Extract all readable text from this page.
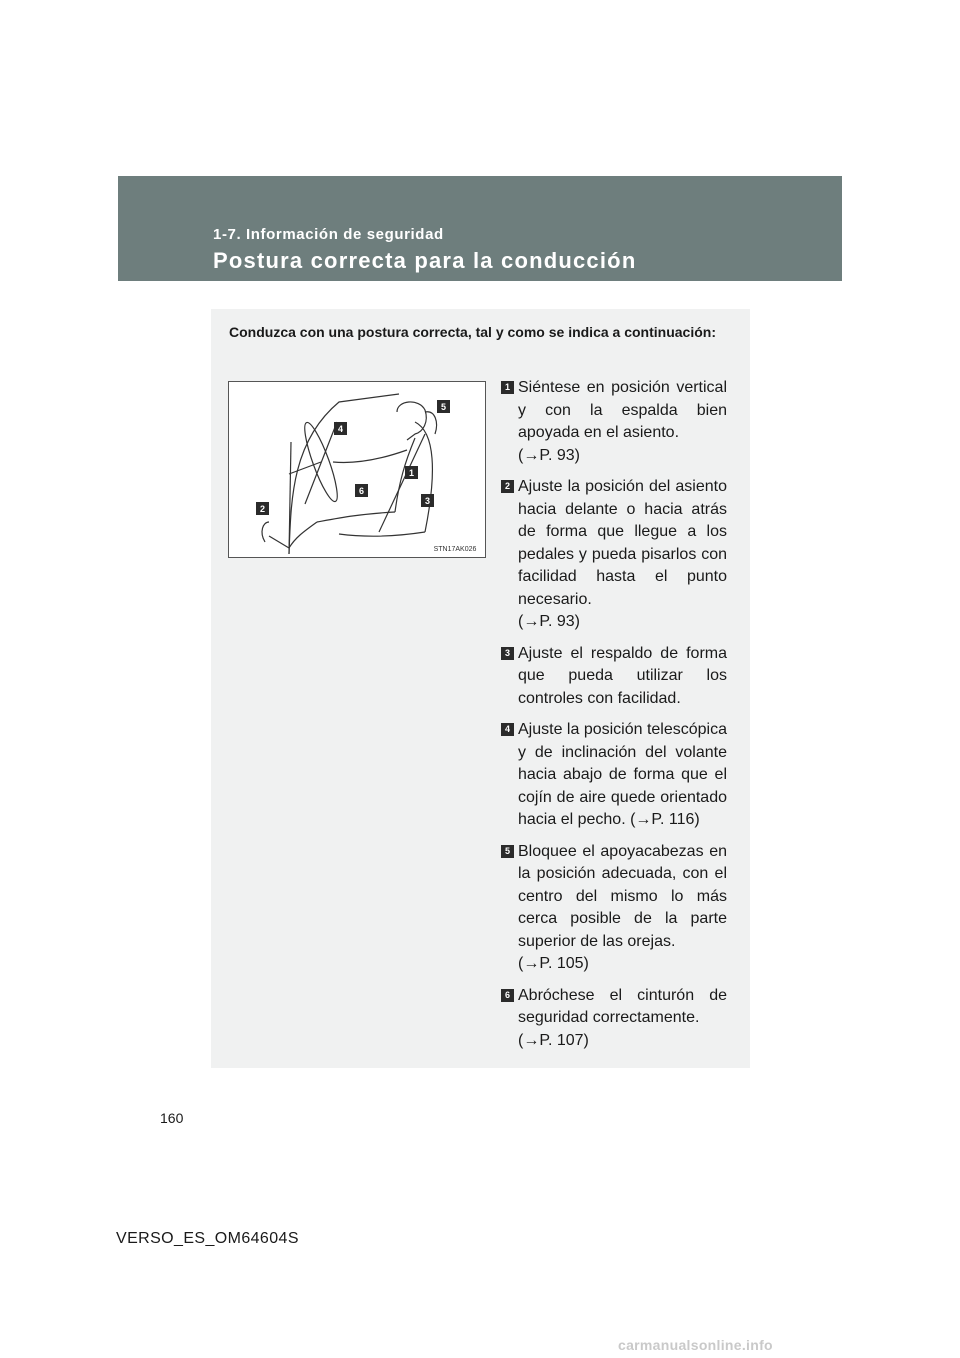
1-7. Información de seguridad
Postura correcta para la conducción
Conduzca con una postura correcta, tal y como se indica a continuación:
1
2
3
4
5
6
STN17AK026
1 Siéntese en posición vertical y con la espalda bien apoyada en el asiento.
(→P. 93)
2 Ajuste la posición del asiento hacia delante o hacia atrás de forma que llegue a los pedales y pueda pisarlos con facilidad hasta el punto necesario.
(→P. 93)
3 Ajuste el respaldo de forma que pueda utilizar los controles con facilidad.
4 Ajuste la posición telescópica y de inclinación del volante hacia abajo de forma que el cojín de aire quede orientado hacia el pecho. (→P. 116)
5 Bloquee el apoyacabezas en la posición adecuada, con el centro del mismo lo más cerca posible de la parte superior de las orejas.
(→P. 105)
6 Abróchese el cinturón de seguridad correctamente.
(→P. 107)
160
VERSO_ES_OM64604S
carmanualsonline.info
